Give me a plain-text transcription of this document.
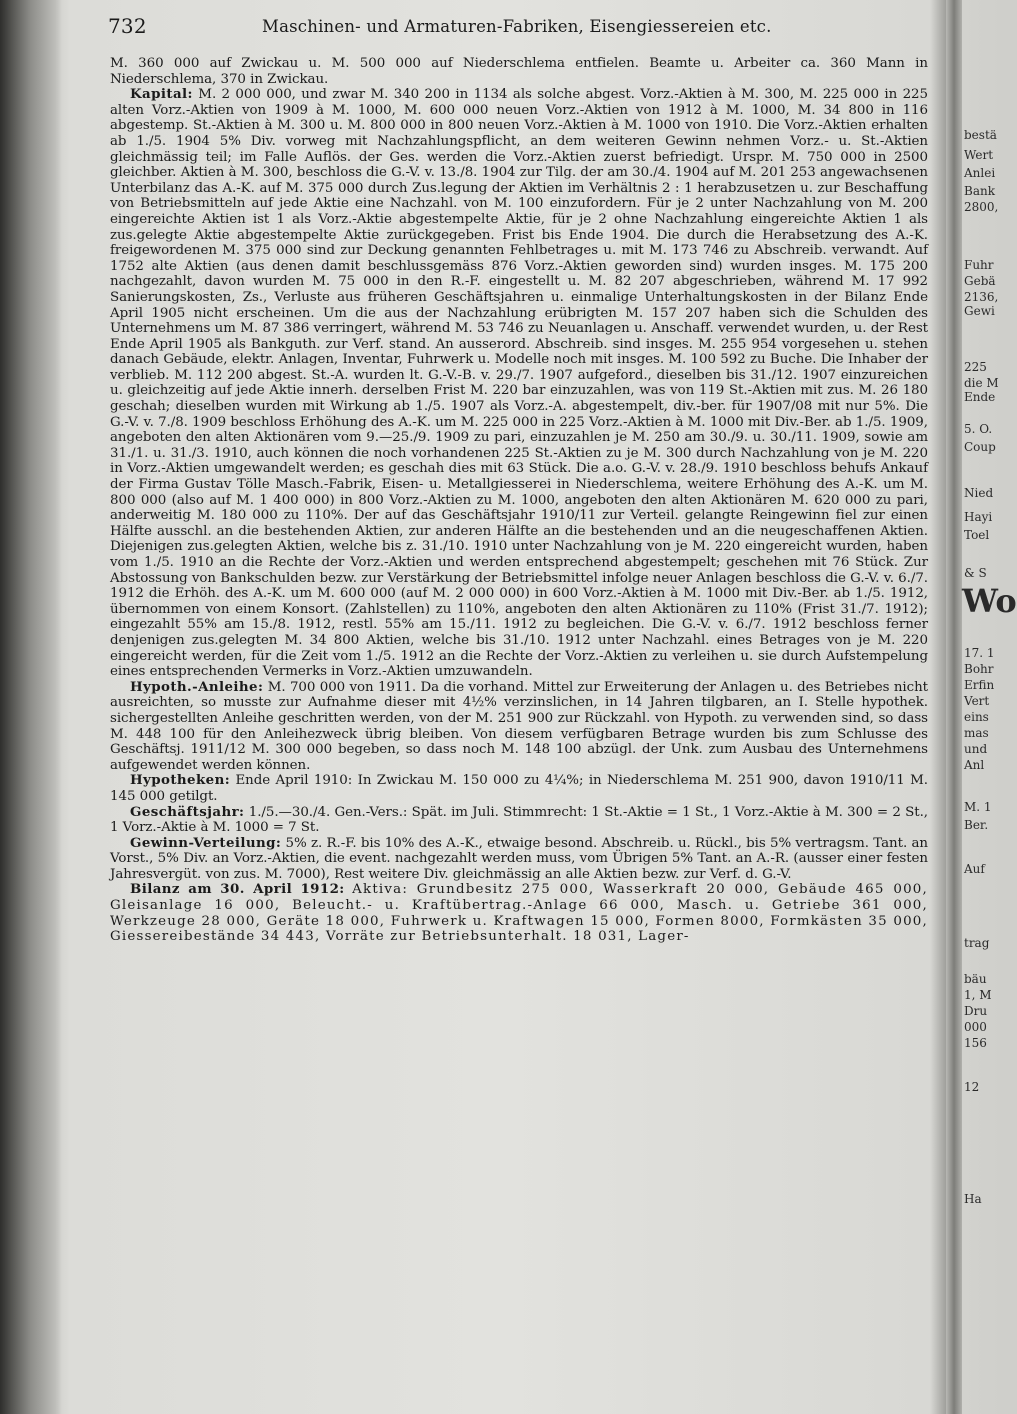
732	Maschinen- und Armaturen-Fabriken, Eisengiessereien etc.

M. 360 000 auf Zwickau u. M. 500 000 auf Niederschlema entfielen. Beamte u. Arbeiter ca. 360 Mann in Niederschlema, 370 in Zwickau.

Kapital: M. 2 000 000, und zwar M. 340 200 in 1134 als solche abgest. Vorz.-Aktien à M. 300, M. 225 000 in 225 alten Vorz.-Aktien von 1909 à M. 1000, M. 600 000 neuen Vorz.-Aktien von 1912 à M. 1000, M. 34 800 in 116 abgestemp. St.-Aktien à M. 300 u. M. 800 000 in 800 neuen Vorz.-Aktien à M. 1000 von 1910. Die Vorz.-Aktien erhalten ab 1./5. 1904 5% Div. vorweg mit Nachzahlungspflicht, an dem weiteren Gewinn nehmen Vorz.- u. St.-Aktien gleichmässig teil; im Falle Auflös. der Ges. werden die Vorz.-Aktien zuerst befriedigt. Urspr. M. 750 000 in 2500 gleichber. Aktien à M. 300, beschloss die G.-V. v. 13./8. 1904 zur Tilg. der am 30./4. 1904 auf M. 201 253 angewachsenen Unterbilanz das A.-K. auf M. 375 000 durch Zus.legung der Aktien im Verhältnis 2 : 1 herabzusetzen u. zur Beschaffung von Betriebsmitteln auf jede Aktie eine Nachzahl. von M. 100 einzufordern. Für je 2 unter Nachzahlung von M. 200 eingereichte Aktien ist 1 als Vorz.-Aktie abgestempelte Aktie, für je 2 ohne Nachzahlung eingereichte Aktien 1 als zus.gelegte Aktie abgestempelte Aktie zurückgegeben. Frist bis Ende 1904. Die durch die Herabsetzung des A.-K. freigewordenen M. 375 000 sind zur Deckung genannten Fehlbetrages u. mit M. 173 746 zu Abschreib. verwandt. Auf 1752 alte Aktien (aus denen damit beschlussgemäss 876 Vorz.-Aktien geworden sind) wurden insges. M. 175 200 nachgezahlt, davon wurden M. 75 000 in den R.-F. eingestellt u. M. 82 207 abgeschrieben, während M. 17 992 Sanierungskosten, Zs., Verluste aus früheren Geschäftsjahren u. einmalige Unterhaltungskosten in der Bilanz Ende April 1905 nicht erscheinen. Um die aus der Nachzahlung erübrigten M. 157 207 haben sich die Schulden des Unternehmens um M. 87 386 verringert, während M. 53 746 zu Neuanlagen u. Anschaff. verwendet wurden, u. der Rest Ende April 1905 als Bankguth. zur Verf. stand. An ausserord. Abschreib. sind insges. M. 255 954 vorgesehen u. stehen danach Gebäude, elektr. Anlagen, Inventar, Fuhrwerk u. Modelle noch mit insges. M. 100 592 zu Buche. Die Inhaber der verblieb. M. 112 200 abgest. St.-A. wurden lt. G.-V.-B. v. 29./7. 1907 aufgeford., dieselben bis 31./12. 1907 einzureichen u. gleichzeitig auf jede Aktie innerh. derselben Frist M. 220 bar einzuzahlen, was von 119 St.-Aktien mit zus. M. 26 180 geschah; dieselben wurden mit Wirkung ab 1./5. 1907 als Vorz.-A. abgestempelt, div.-ber. für 1907/08 mit nur 5%. Die G.-V. v. 7./8. 1909 beschloss Erhöhung des A.-K. um M. 225 000 in 225 Vorz.-Aktien à M. 1000 mit Div.-Ber. ab 1./5. 1909, angeboten den alten Aktionären vom 9.—25./9. 1909 zu pari, einzuzahlen je M. 250 am 30./9. u. 30./11. 1909, sowie am 31./1. u. 31./3. 1910, auch können die noch vorhandenen 225 St.-Aktien zu je M. 300 durch Nachzahlung von je M. 220 in Vorz.-Aktien umgewandelt werden; es geschah dies mit 63 Stück. Die a.o. G.-V. v. 28./9. 1910 beschloss behufs Ankauf der Firma Gustav Tölle Masch.-Fabrik, Eisen- u. Metallgiesserei in Niederschlema, weitere Erhöhung des A.-K. um M. 800 000 (also auf M. 1 400 000) in 800 Vorz.-Aktien zu M. 1000, angeboten den alten Aktionären M. 620 000 zu pari, anderweitig M. 180 000 zu 110%. Der auf das Geschäftsjahr 1910/11 zur Verteil. gelangte Reingewinn fiel zur einen Hälfte ausschl. an die bestehenden Aktien, zur anderen Hälfte an die bestehenden und an die neugeschaffenen Aktien. Diejenigen zus.gelegten Aktien, welche bis z. 31./10. 1910 unter Nachzahlung von je M. 220 eingereicht wurden, haben vom 1./5. 1910 an die Rechte der Vorz.-Aktien und werden entsprechend abgestempelt; geschehen mit 76 Stück. Zur Abstossung von Bankschulden bezw. zur Verstärkung der Betriebsmittel infolge neuer Anlagen beschloss die G.-V. v. 6./7. 1912 die Erhöh. des A.-K. um M. 600 000 (auf M. 2 000 000) in 600 Vorz.-Aktien à M. 1000 mit Div.-Ber. ab 1./5. 1912, übernommen von einem Konsort. (Zahlstellen) zu 110%, angeboten den alten Aktionären zu 110% (Frist 31./7. 1912); eingezahlt 55% am 15./8. 1912, restl. 55% am 15./11. 1912 zu begleichen. Die G.-V. v. 6./7. 1912 beschloss ferner denjenigen zus.gelegten M. 34 800 Aktien, welche bis 31./10. 1912 unter Nachzahl. eines Betrages von je M. 220 eingereicht werden, für die Zeit vom 1./5. 1912 an die Rechte der Vorz.-Aktien zu verleihen u. sie durch Aufstempelung eines entsprechenden Vermerks in Vorz.-Aktien umzuwandeln.

Hypoth.-Anleihe: M. 700 000 von 1911. Da die vorhand. Mittel zur Erweiterung der Anlagen u. des Betriebes nicht ausreichten, so musste zur Aufnahme dieser mit 4½% verzinslichen, in 14 Jahren tilgbaren, an I. Stelle hypothek. sichergestellten Anleihe geschritten werden, von der M. 251 900 zur Rückzahl. von Hypoth. zu verwenden sind, so dass M. 448 100 für den Anleihezweck übrig bleiben. Von diesem verfügbaren Betrage wurden bis zum Schlusse des Geschäftsj. 1911/12 M. 300 000 begeben, so dass noch M. 148 100 abzügl. der Unk. zum Ausbau des Unternehmens aufgewendet werden können.

Hypotheken: Ende April 1910: In Zwickau M. 150 000 zu 4¼%; in Niederschlema M. 251 900, davon 1910/11 M. 145 000 getilgt.

Geschäftsjahr: 1./5.—30./4. Gen.-Vers.: Spät. im Juli. Stimmrecht: 1 St.-Aktie = 1 St., 1 Vorz.-Aktie à M. 300 = 2 St., 1 Vorz.-Aktie à M. 1000 = 7 St.

Gewinn-Verteilung: 5% z. R.-F. bis 10% des A.-K., etwaige besond. Abschreib. u. Rückl., bis 5% vertragsm. Tant. an Vorst., 5% Div. an Vorz.-Aktien, die event. nachgezahlt werden muss, vom Übrigen 5% Tant. an A.-R. (ausser einer festen Jahresvergüt. von zus. M. 7000), Rest weitere Div. gleichmässig an alle Aktien bezw. zur Verf. d. G.-V.

Bilanz am 30. April 1912: Aktiva: Grundbesitz 275 000, Wasserkraft 20 000, Gebäude 465 000, Gleisanlage 16 000, Beleucht.- u. Kraftübertrag.-Anlage 66 000, Masch. u. Getriebe 361 000, Werkzeuge 28 000, Geräte 18 000, Fuhrwerk u. Kraftwagen 15 000, Formen 8000, Formkästen 35 000, Giessereibestände 34 443, Vorräte zur Betriebsunterhalt. 18 031, Lager-

bestä
Wert
Anlei
Bank
2800,
Fuhr
Gebä
2136,
Gewi
225
die M
Ende
5. O.
Coup
Nied
Hayi
Toel
& S
Wo
17. 1
Bohr
Erfin
Vert
eins
mas
und
Anl
M. 1
Ber.
Auf
trag
bäu
1, M
Dru
000
156
12
Ha
